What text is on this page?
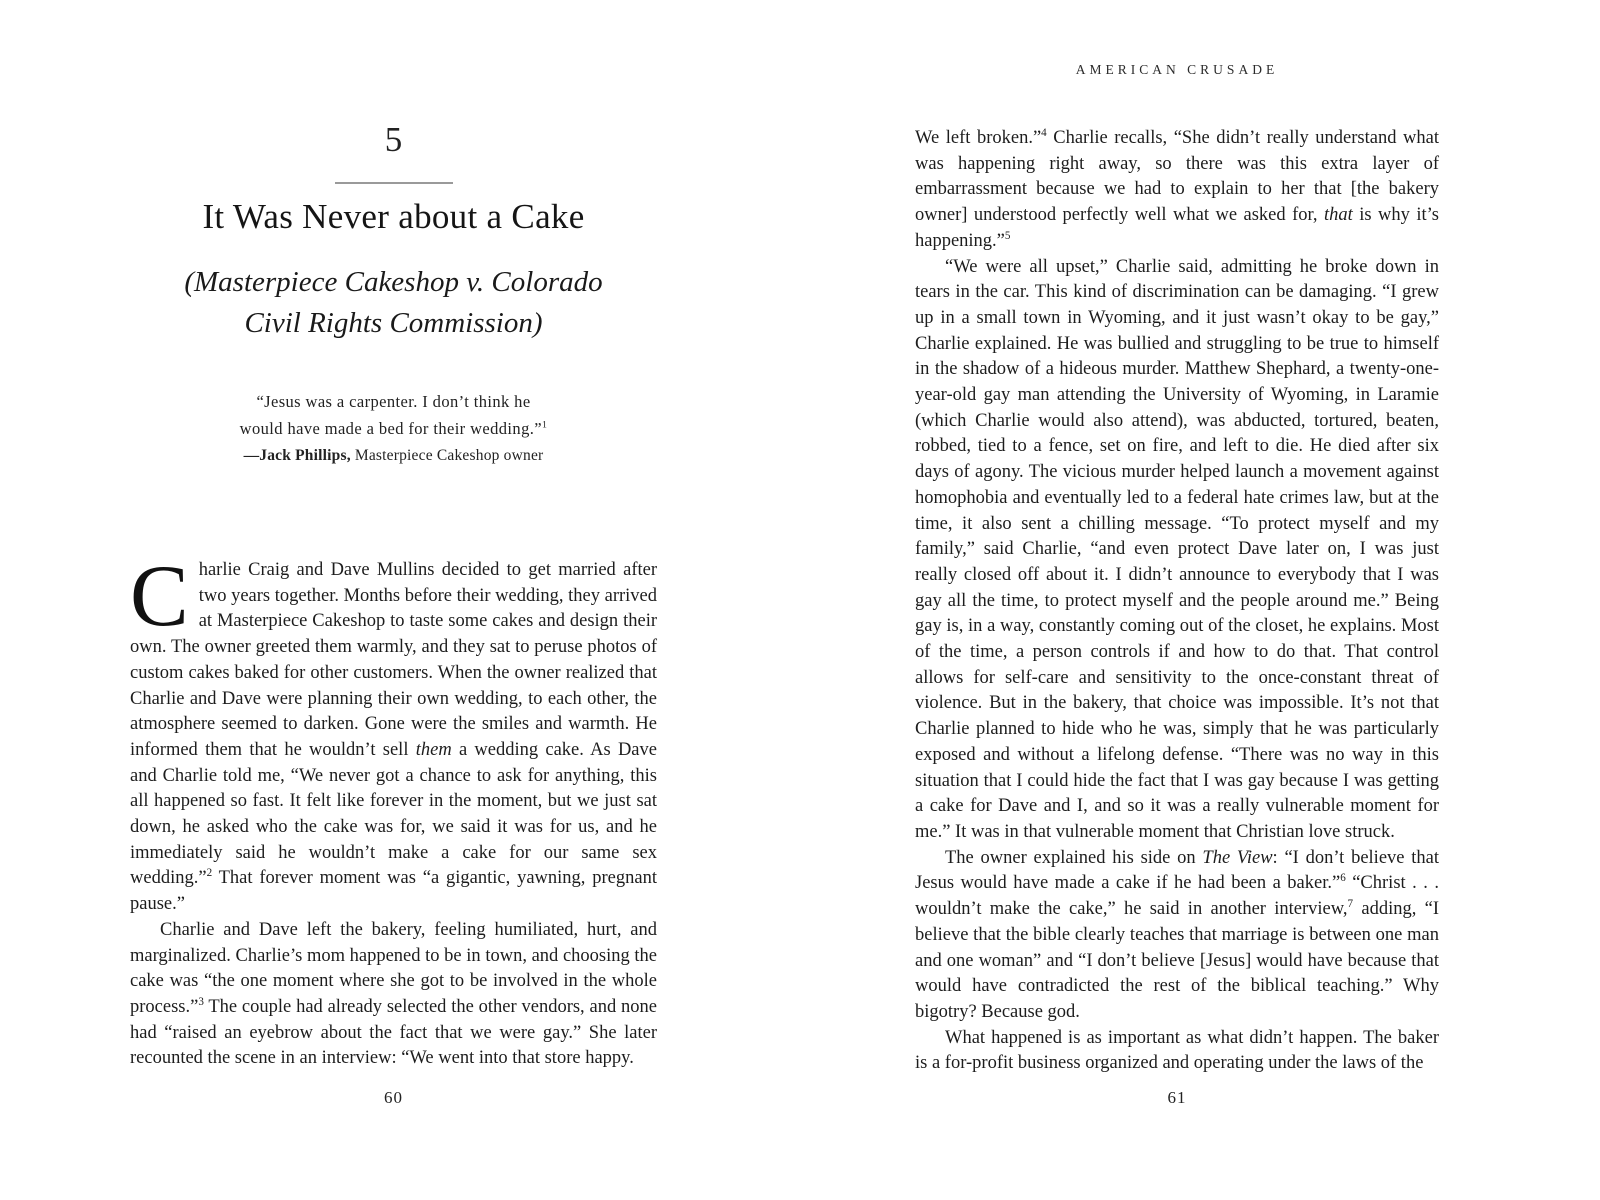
5
It Was Never about a Cake
(Masterpiece Cakeshop v. Colorado
Civil Rights Commission)
“Jesus was a carpenter. I don’t think he
would have made a bed for their wedding.”$^1$
—Jack Phillips, Masterpiece Cakeshop owner

Charlie Craig and Dave Mullins decided to get married after two years together. Months before their wedding, they arrived at Masterpiece Cakeshop to taste some cakes and design their own. The owner greeted them warmly, and they sat to peruse photos of custom cakes baked for other customers. When the owner realized that Charlie and Dave were planning their own wedding, to each other, the atmosphere seemed to darken. Gone were the smiles and warmth. He informed them that he wouldn’t sell them a wedding cake. As Dave and Charlie told me, “We never got a chance to ask for anything, this all happened so fast. It felt like forever in the moment, but we just sat down, he asked who the cake was for, we said it was for us, and he immediately said he wouldn’t make a cake for our same sex wedding.”$^2$ That forever moment was “a gigantic, yawning, pregnant pause.”

Charlie and Dave left the bakery, feeling humiliated, hurt, and marginalized. Charlie’s mom happened to be in town, and choosing the cake was “the one moment where she got to be involved in the whole process.”$^3$ The couple had already selected the other vendors, and none had “raised an eyebrow about the fact that we were gay.” She later recounted the scene in an interview: “We went into that store happy.

60
AMERICAN CRUSADE

We left broken.”$^4$ Charlie recalls, “She didn’t really understand what was happening right away, so there was this extra layer of embarrassment because we had to explain to her that [the bakery owner] understood perfectly well what we asked for, that is why it’s happening.”$^5$

“We were all upset,” Charlie said, admitting he broke down in tears in the car. This kind of discrimination can be damaging. “I grew up in a small town in Wyoming, and it just wasn’t okay to be gay,” Charlie explained. He was bullied and struggling to be true to himself in the shadow of a hideous murder. Matthew Shephard, a twenty-one-year-old gay man attending the University of Wyoming, in Laramie (which Charlie would also attend), was abducted, tortured, beaten, robbed, tied to a fence, set on fire, and left to die. He died after six days of agony. The vicious murder helped launch a movement against homophobia and eventually led to a federal hate crimes law, but at the time, it also sent a chilling message. “To protect myself and my family,” said Charlie, “and even protect Dave later on, I was just really closed off about it. I didn’t announce to everybody that I was gay all the time, to protect myself and the people around me.” Being gay is, in a way, constantly coming out of the closet, he explains. Most of the time, a person controls if and how to do that. That control allows for self-care and sensitivity to the once-constant threat of violence. But in the bakery, that choice was impossible. It’s not that Charlie planned to hide who he was, simply that he was particularly exposed and without a lifelong defense. “There was no way in this situation that I could hide the fact that I was gay because I was getting a cake for Dave and I, and so it was a really vulnerable moment for me.” It was in that vulnerable moment that Christian love struck.

The owner explained his side on The View: “I don’t believe that Jesus would have made a cake if he had been a baker.”$^6$ “Christ . . . wouldn’t make the cake,” he said in another interview,$^7$ adding, “I believe that the bible clearly teaches that marriage is between one man and one woman” and “I don’t believe [Jesus] would have because that would have contradicted the rest of the biblical teaching.” Why bigotry? Because god.

What happened is as important as what didn’t happen. The baker is a for-profit business organized and operating under the laws of the

61
